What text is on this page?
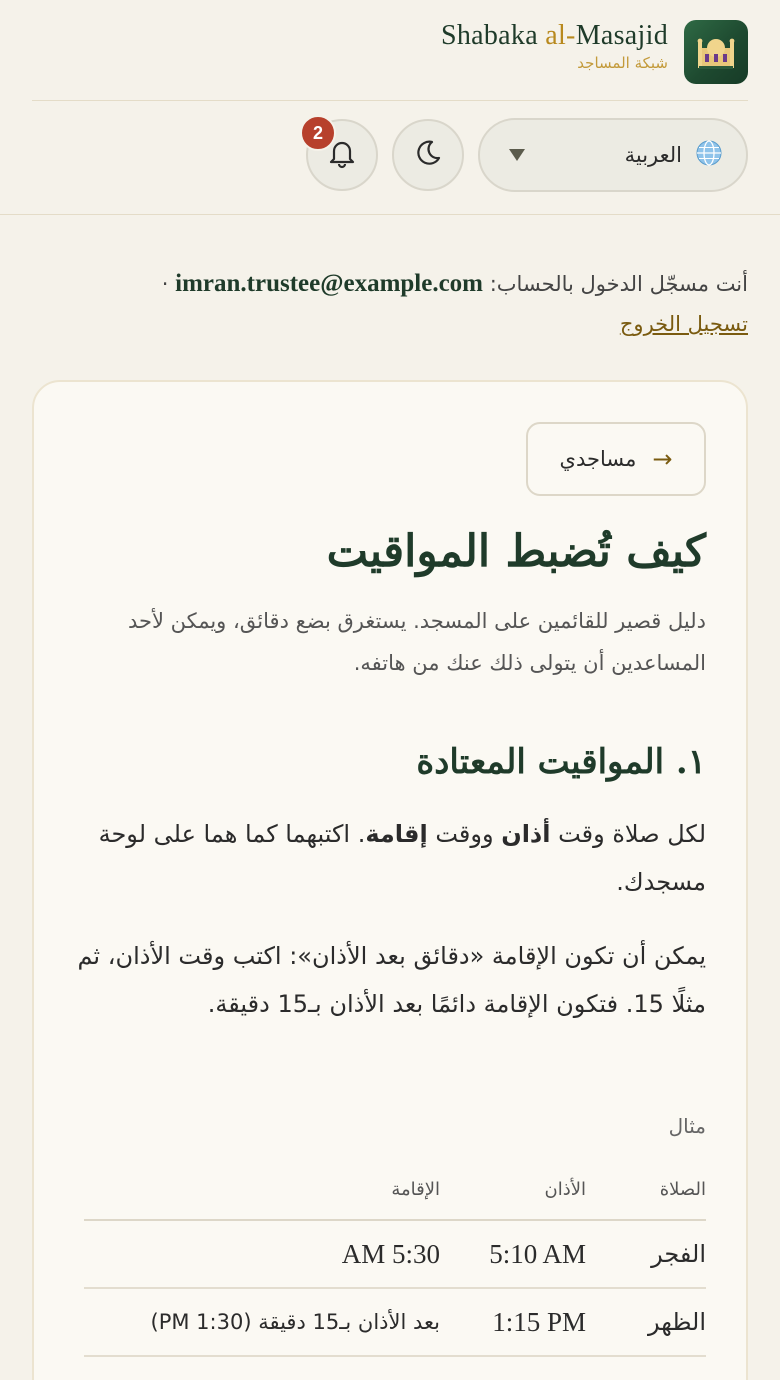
Shabaka al-Masajid
شبكة المساجد
العربية
2
أنت مسجّل الدخول بالحساب: imran.trustee@example.com ·
تسجيل الخروج
→
مساجدي
كيف تُضبط المواقيت
دليل قصير للقائمين على المسجد. يستغرق بضع دقائق، ويمكن لأحد المساعدين أن يتولى ذلك عنك من هاتفه.
١. المواقيت المعتادة
لكل صلاة وقت أذان ووقت إقامة. اكتبهما كما هما على لوحة مسجدك.
يمكن أن تكون الإقامة «دقائق بعد الأذان»: اكتب وقت الأذان، ثم مثلًا 15. فتكون الإقامة دائمًا بعد الأذان بـ15 دقيقة.
مثال
الصلاة	الأذان	الإقامة
الفجر	5:10 AM	5:30 AM
الظهر	1:15 PM	بعد الأذان بـ15 دقيقة (1:30 PM)
